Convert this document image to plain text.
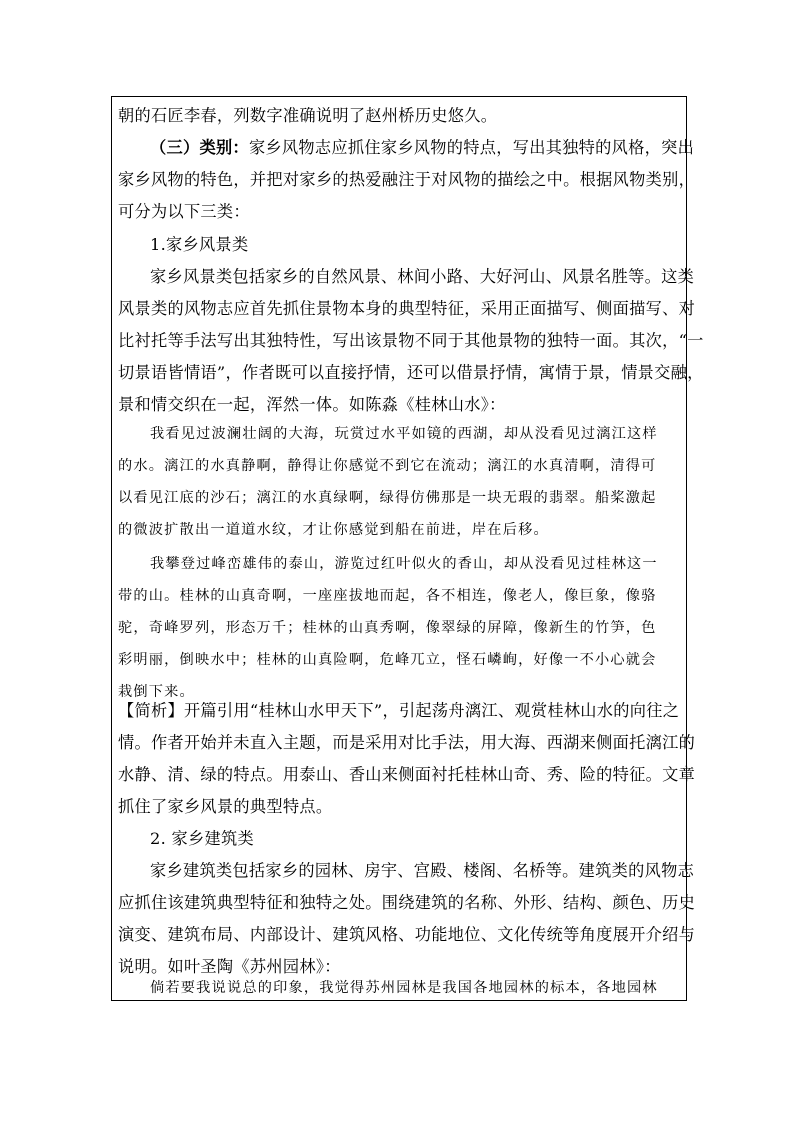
朝的石匠李春，列数字准确说明了赵州桥历史悠久。
（三）类别：家乡风物志应抓住家乡风物的特点，写出其独特的风格，突出
家乡风物的特色，并把对家乡的热爱融注于对风物的描绘之中。根据风物类别，
可分为以下三类：
1.家乡风景类
家乡风景类包括家乡的自然风景、林间小路、大好河山、风景名胜等。这类
风景类的风物志应首先抓住景物本身的典型特征，采用正面描写、侧面描写、对
比衬托等手法写出其独特性，写出该景物不同于其他景物的独特一面。其次，“一
切景语皆情语”，作者既可以直接抒情，还可以借景抒情，寓情于景，情景交融，
景和情交织在一起，浑然一体。如陈淼《桂林山水》：
我看见过波澜壮阔的大海，玩赏过水平如镜的西湖，却从没看见过漓江这样
的水。漓江的水真静啊，静得让你感觉不到它在流动；漓江的水真清啊，清得可
以看见江底的沙石；漓江的水真绿啊，绿得仿佛那是一块无瑕的翡翠。船桨激起
的微波扩散出一道道水纹，才让你感觉到船在前进，岸在后移。
我攀登过峰峦雄伟的泰山，游览过红叶似火的香山，却从没看见过桂林这一
带的山。桂林的山真奇啊，一座座拔地而起，各不相连，像老人，像巨象，像骆
驼，奇峰罗列，形态万千；桂林的山真秀啊，像翠绿的屏障，像新生的竹笋，色
彩明丽，倒映水中；桂林的山真险啊，危峰兀立，怪石嶙峋，好像一不小心就会
栽倒下来。
【简析】开篇引用“桂林山水甲天下”，引起荡舟漓江、观赏桂林山水的向往之
情。作者开始并未直入主题，而是采用对比手法，用大海、西湖来侧面托漓江的
水静、清、绿的特点。用泰山、香山来侧面衬托桂林山奇、秀、险的特征。文章
抓住了家乡风景的典型特点。
2. 家乡建筑类
家乡建筑类包括家乡的园林、房宇、宫殿、楼阁、名桥等。建筑类的风物志
应抓住该建筑典型特征和独特之处。围绕建筑的名称、外形、结构、颜色、历史
演变、建筑布局、内部设计、建筑风格、功能地位、文化传统等角度展开介绍与
说明。如叶圣陶《苏州园林》：
倘若要我说说总的印象，我觉得苏州园林是我国各地园林的标本，各地园林
